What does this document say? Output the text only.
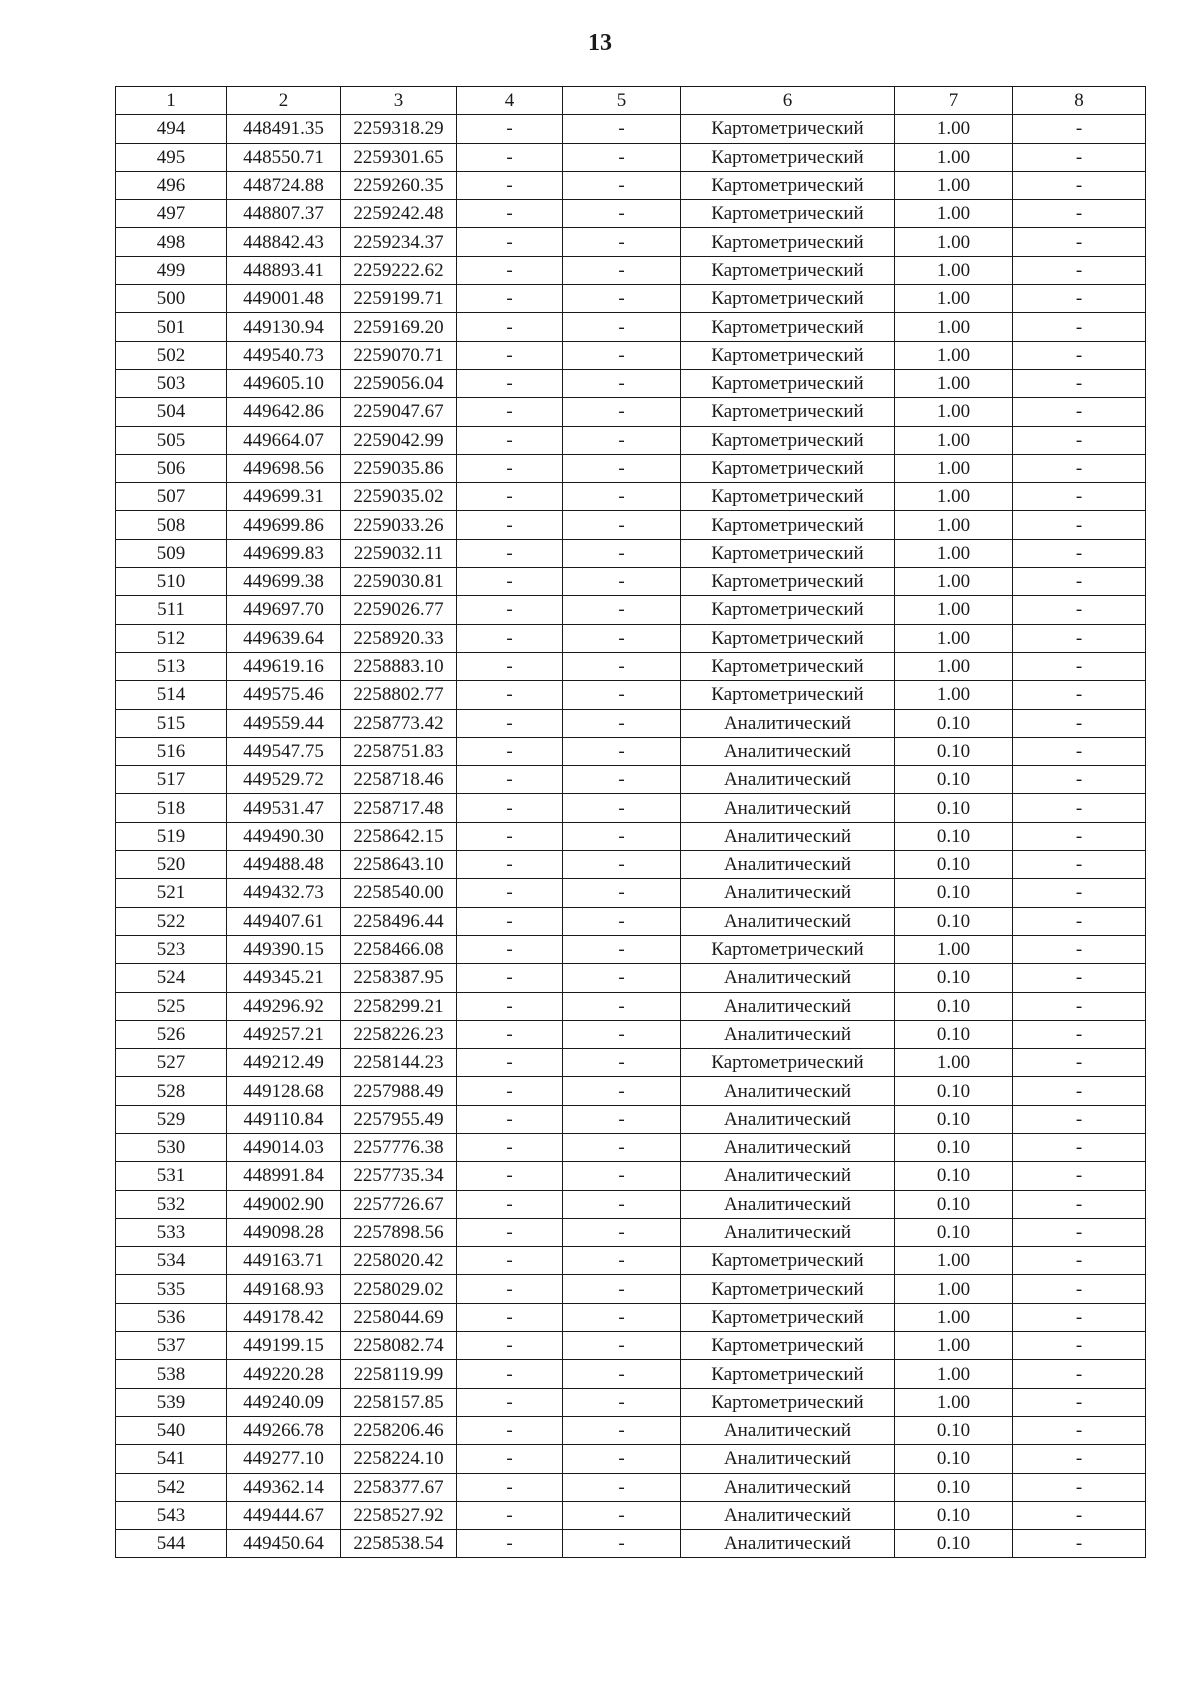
13
1	2	3	4	5	6	7	8
494	448491.35	2259318.29	-	-	Картометрический	1.00	-
495	448550.71	2259301.65	-	-	Картометрический	1.00	-
496	448724.88	2259260.35	-	-	Картометрический	1.00	-
497	448807.37	2259242.48	-	-	Картометрический	1.00	-
498	448842.43	2259234.37	-	-	Картометрический	1.00	-
499	448893.41	2259222.62	-	-	Картометрический	1.00	-
500	449001.48	2259199.71	-	-	Картометрический	1.00	-
501	449130.94	2259169.20	-	-	Картометрический	1.00	-
502	449540.73	2259070.71	-	-	Картометрический	1.00	-
503	449605.10	2259056.04	-	-	Картометрический	1.00	-
504	449642.86	2259047.67	-	-	Картометрический	1.00	-
505	449664.07	2259042.99	-	-	Картометрический	1.00	-
506	449698.56	2259035.86	-	-	Картометрический	1.00	-
507	449699.31	2259035.02	-	-	Картометрический	1.00	-
508	449699.86	2259033.26	-	-	Картометрический	1.00	-
509	449699.83	2259032.11	-	-	Картометрический	1.00	-
510	449699.38	2259030.81	-	-	Картометрический	1.00	-
511	449697.70	2259026.77	-	-	Картометрический	1.00	-
512	449639.64	2258920.33	-	-	Картометрический	1.00	-
513	449619.16	2258883.10	-	-	Картометрический	1.00	-
514	449575.46	2258802.77	-	-	Картометрический	1.00	-
515	449559.44	2258773.42	-	-	Аналитический	0.10	-
516	449547.75	2258751.83	-	-	Аналитический	0.10	-
517	449529.72	2258718.46	-	-	Аналитический	0.10	-
518	449531.47	2258717.48	-	-	Аналитический	0.10	-
519	449490.30	2258642.15	-	-	Аналитический	0.10	-
520	449488.48	2258643.10	-	-	Аналитический	0.10	-
521	449432.73	2258540.00	-	-	Аналитический	0.10	-
522	449407.61	2258496.44	-	-	Аналитический	0.10	-
523	449390.15	2258466.08	-	-	Картометрический	1.00	-
524	449345.21	2258387.95	-	-	Аналитический	0.10	-
525	449296.92	2258299.21	-	-	Аналитический	0.10	-
526	449257.21	2258226.23	-	-	Аналитический	0.10	-
527	449212.49	2258144.23	-	-	Картометрический	1.00	-
528	449128.68	2257988.49	-	-	Аналитический	0.10	-
529	449110.84	2257955.49	-	-	Аналитический	0.10	-
530	449014.03	2257776.38	-	-	Аналитический	0.10	-
531	448991.84	2257735.34	-	-	Аналитический	0.10	-
532	449002.90	2257726.67	-	-	Аналитический	0.10	-
533	449098.28	2257898.56	-	-	Аналитический	0.10	-
534	449163.71	2258020.42	-	-	Картометрический	1.00	-
535	449168.93	2258029.02	-	-	Картометрический	1.00	-
536	449178.42	2258044.69	-	-	Картометрический	1.00	-
537	449199.15	2258082.74	-	-	Картометрический	1.00	-
538	449220.28	2258119.99	-	-	Картометрический	1.00	-
539	449240.09	2258157.85	-	-	Картометрический	1.00	-
540	449266.78	2258206.46	-	-	Аналитический	0.10	-
541	449277.10	2258224.10	-	-	Аналитический	0.10	-
542	449362.14	2258377.67	-	-	Аналитический	0.10	-
543	449444.67	2258527.92	-	-	Аналитический	0.10	-
544	449450.64	2258538.54	-	-	Аналитический	0.10	-
